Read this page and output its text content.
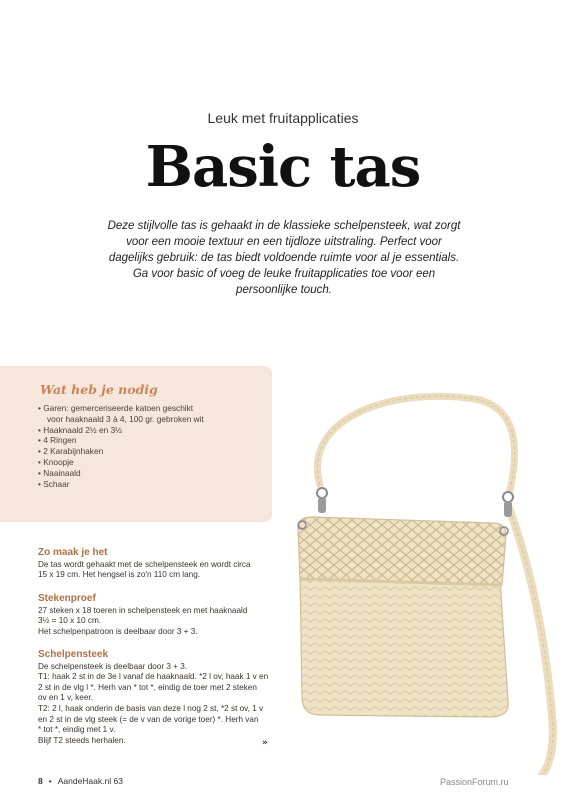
Leuk met fruitapplicaties
Basic tas
Deze stijlvolle tas is gehaakt in de klassieke schelpensteek, wat zorgt
voor een mooie textuur en een tijdloze uitstraling. Perfect voor
dagelijks gebruik: de tas biedt voldoende ruimte voor al je essentials.
Ga voor basic of voeg de leuke fruitapplicaties toe voor een
persoonlijke touch.
Wat heb je nodig
• Garen: gemerceriseerde katoen geschikt
voor haaknaald 3 à 4, 100 gr. gebroken wit
• Haaknaald 2½ en 3½
• 4 Ringen
• 2 Karabijnhaken
• Knoopje
• Naainaald
• Schaar
Zo maak je het

De tas wordt gehaakt met de schelpensteek en wordt circa

15 x 19 cm. Het hengsel is zo'n 110 cm lang.

Stekenproef

27 steken x 18 toeren in schelpensteek en met haaknaald

3½ = 10 x 10 cm.

Het schelpenpatroon is deelbaar door 3 + 3.

Schelpensteek

De schelpensteek is deelbaar door 3 + 3.

T1: haak 2 st in de 3e l vanaf de haaknaald. *2 l ov, haak 1 v en

2 st in de vlg l *. Herh van * tot *, eindig de toer met 2 steken

ov en 1 v, keer.

T2: 2 l, haak onderin de basis van deze l nog 2 st, *2 st ov, 1 v

en 2 st in de vlg steek (= de v van de vorige toer) *. Herh van

* tot *, eindig met 1 v.

Blijf T2 steeds herhalen.	»
8 • AandeHaak.nl 63	PassionForum.ru
